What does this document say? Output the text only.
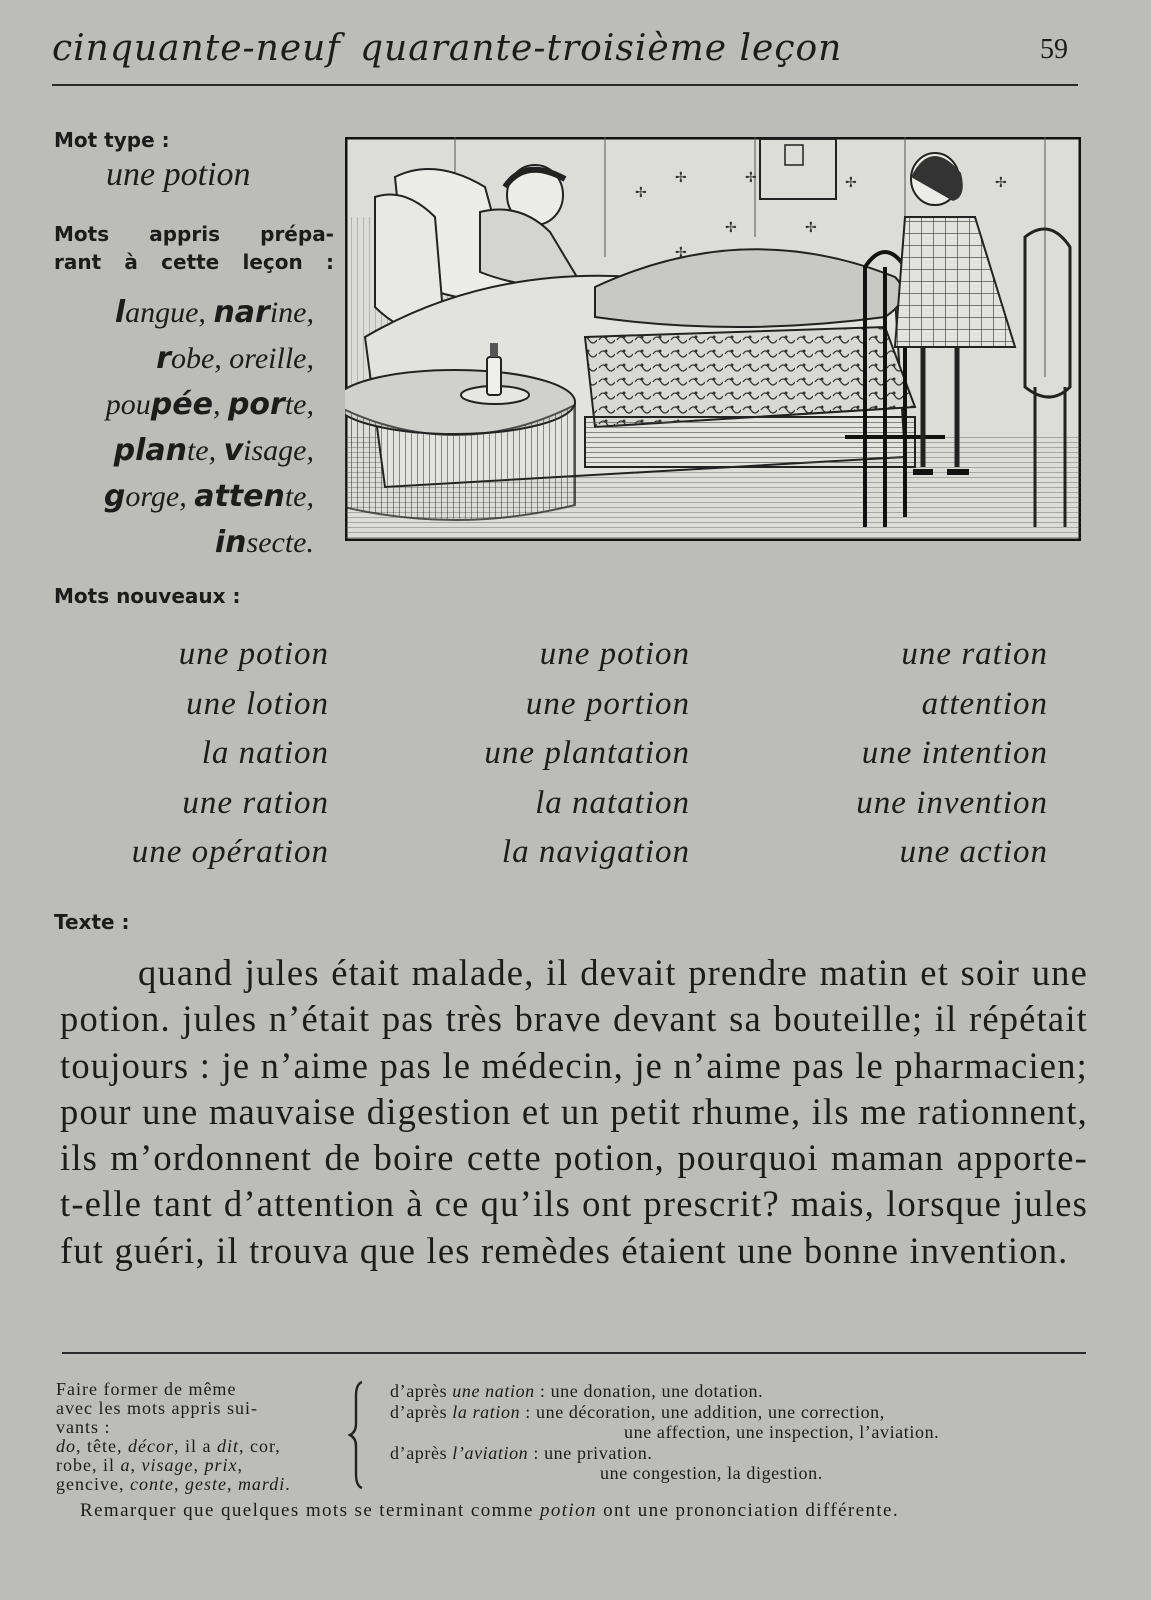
cinquante-neuf quarante-troisième leçon	59
Mot type :
une potion
Mots appris prépa-
rant à cette leçon :
langue, narine,
robe, oreille,
poupée, porte,
plante, visage,
gorge, attente,
insecte.
✢
✢
✢	✢
✢
✢
✢
✢
Mots nouveaux :
une potion
une lotion
la nation
une ration
une opération
une potion
une portion
une plantation
la natation
la navigation
une ration
attention
une intention
une invention
une action
Texte :

quand jules était malade, il devait prendre matin et soir une potion. jules n’était pas très brave devant sa bouteille; il répétait toujours : je n’aime pas le médecin, je n’aime pas le pharmacien; pour une mauvaise digestion et un petit rhume, ils me rationnent, ils m’ordonnent de boire cette potion, pourquoi maman apporte-t-elle tant d’attention à ce qu’ils ont prescrit? mais, lorsque jules fut guéri, il trouva que les remèdes étaient une bonne invention.

Faire former de même
avec les mots appris sui-
vants :
do, tête, décor, il a dit, cor,
robe, il a, visage, prix,
gencive, conte, geste, mardi.
d’après une nation : une donation, une dotation.
d’après la ration : une décoration, une addition, une correction,
une affection, une inspection, l’aviation.
d’après l’aviation : une privation.
une congestion, la digestion.
Remarquer que quelques mots se terminant comme potion ont une prononciation différente.
